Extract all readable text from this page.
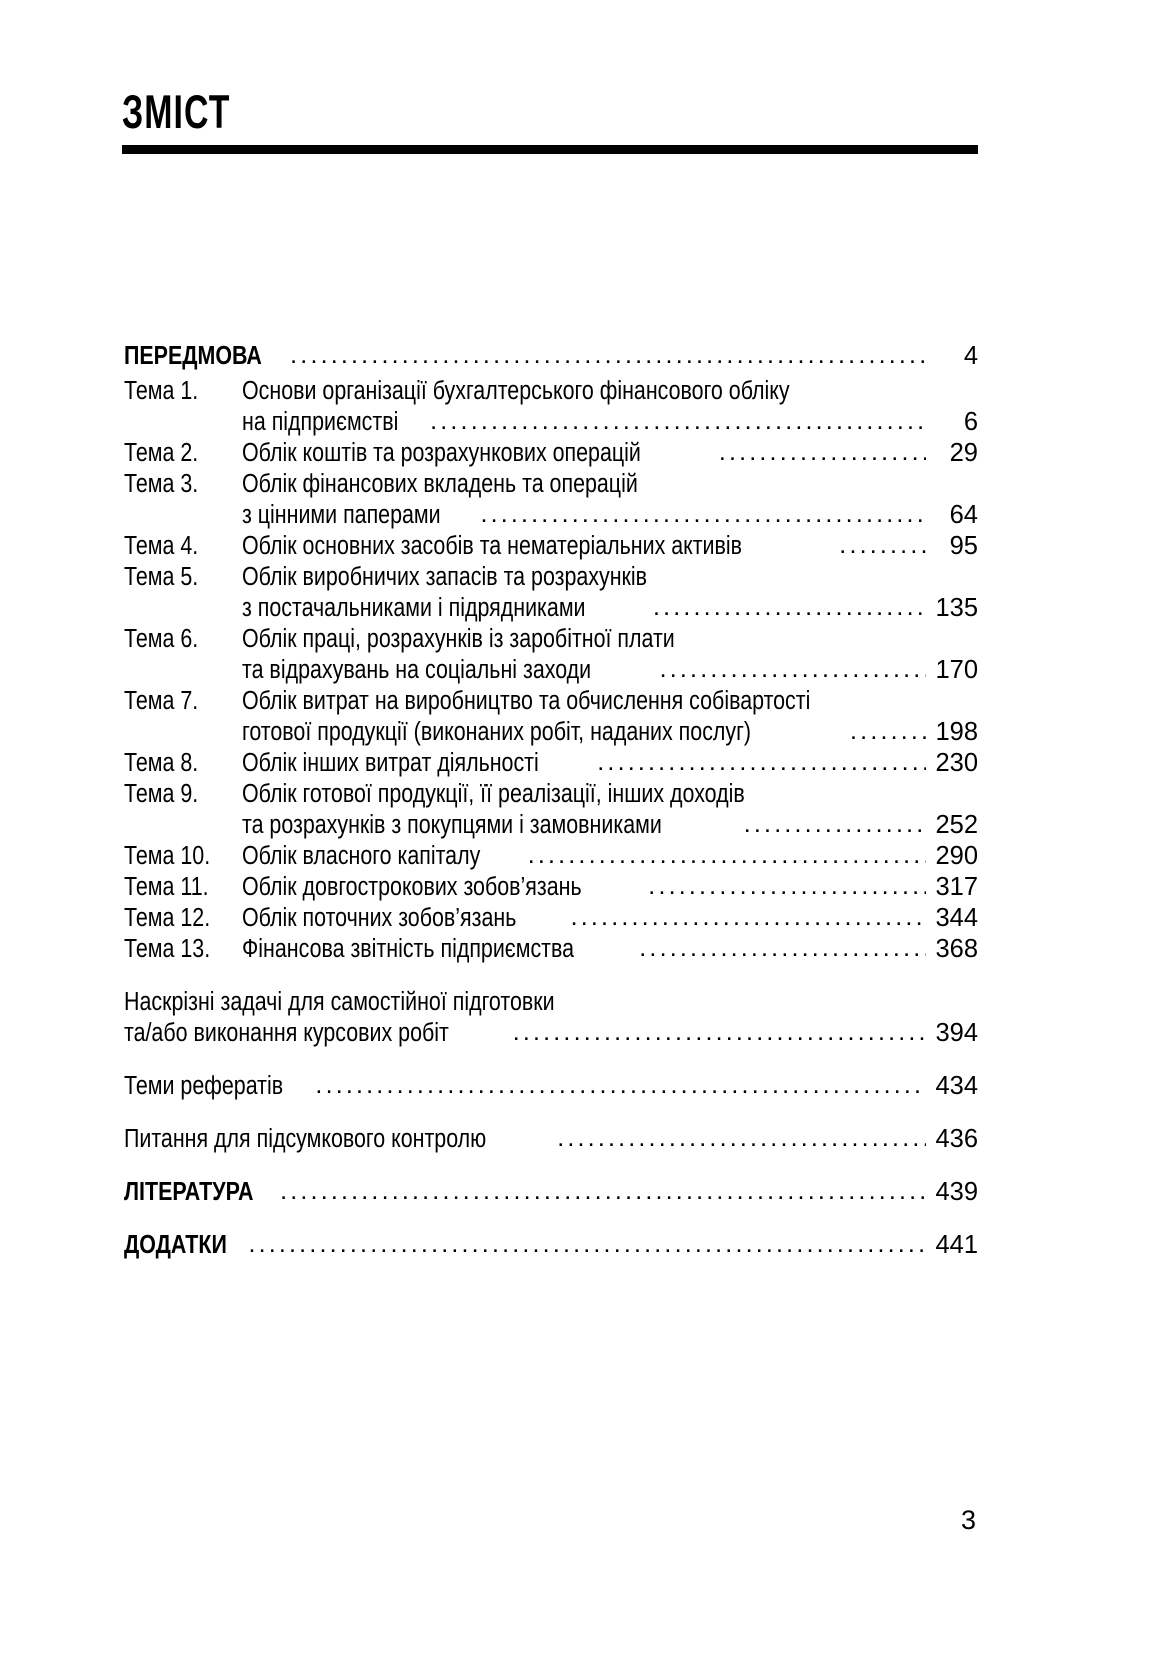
ЗМІСТ
ПЕРЕДМОВА .....	4
Тема 1.	Основи організації бухгалтерського фінансового обліку
на підприємстві .....	6
Тема 2.	Облік коштів та розрахункових операцій .....	29
Тема 3.	Облік фінансових вкладень та операцій
з цінними паперами .....	64
Тема 4.	Облік основних засобів та нематеріальних активів .....	95
Тема 5.	Облік виробничих запасів та розрахунків
з постачальниками і підрядниками .....	135
Тема 6.	Облік праці, розрахунків із заробітної плати
та відрахувань на соціальні заходи .....	170
Тема 7.	Облік витрат на виробництво та обчислення собівартості
готової продукції (виконаних робіт, наданих послуг) .....	198
Тема 8.	Облік інших витрат діяльності .....	230
Тема 9.	Облік готової продукції, її реалізації, інших доходів
та розрахунків з покупцями і замовниками .....	252
Тема 10.	Облік власного капіталу .....	290
Тема 11.	Облік довгострокових зобов’язань .....	317
Тема 12.	Облік поточних зобов’язань .....	344
Тема 13.	Фінансова звітність підприємства .....	368
Наскрізні задачі для самостійної підготовки
та/або виконання курсових робіт .....	394
Теми рефератів .....	434
Питання для підсумкового контролю .....	436
ЛІТЕРАТУРА .....	439
ДОДАТКИ .....	441
3
